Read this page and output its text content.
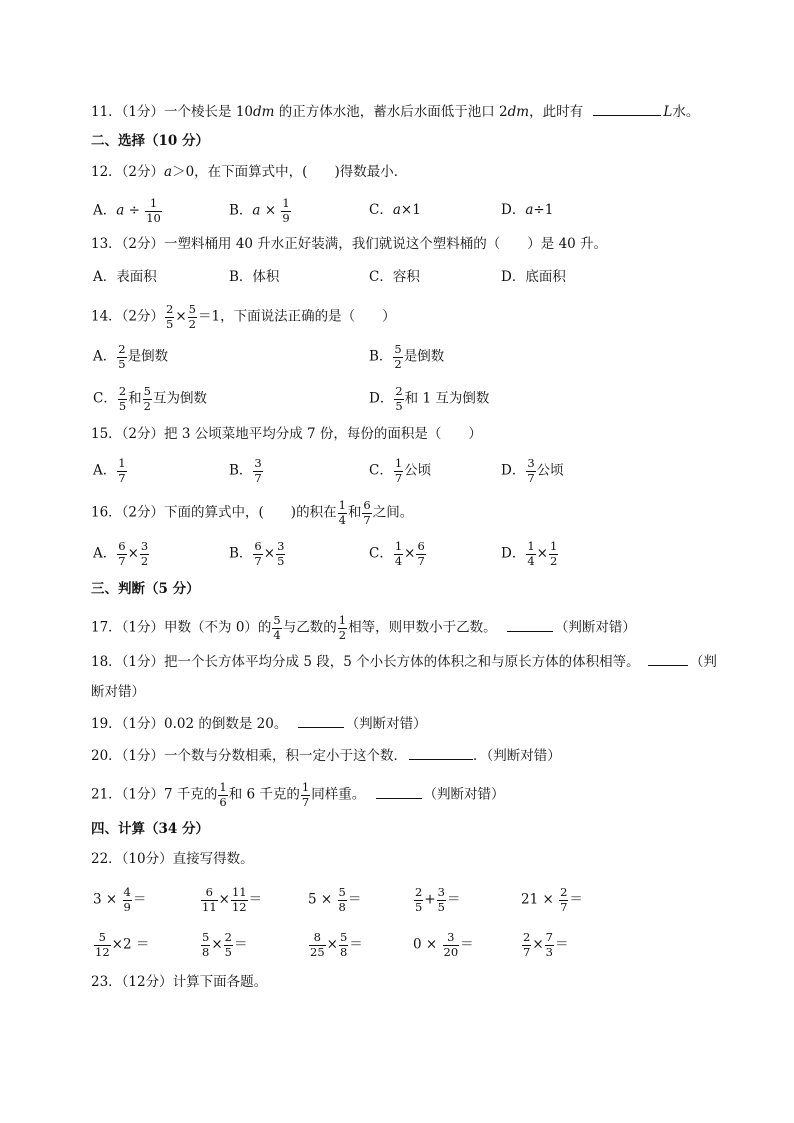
11．（1分）一个棱长是 10dm 的正方体水池，蓄水后水面低于池口 2dm，此时有	L水。
二、选择（10 分）
12．（2分）a＞0，在下面算式中，(　　)得数最小．
A．$a \div \frac{1}{10}$	B．$a \times \frac{1}{9}$	C．a×1	D．a÷1
13．（2分）一塑料桶用 40 升水正好装满，我们就说这个塑料桶的（　　）是 40 升。
A．表面积	B．体积	C．容积	D．底面积
14．（2分） $\frac{2}{5} \times \frac{5}{2} =1$，下面说法正确的是（　　）
A． $\frac{2}{5}$ 是倒数	B． $\frac{5}{2}$ 是倒数
C． $\frac{2}{5}$ 和 $\frac{5}{2}$ 互为倒数	D． $\frac{2}{5}$ 和 1 互为倒数
15．（2分）把 3 公顷菜地平均分成 7 份，每份的面积是（　　）
A． $\frac{1}{7}$	B． $\frac{3}{7}$	C． $\frac{1}{7}$ 公顷	D． $\frac{3}{7}$ 公顷
16．（2分）下面的算式中，(　　)的积在 $\frac{1}{4}$ 和 $\frac{6}{7}$ 之间。
A． $\frac{6}{7} \times \frac{3}{2}$	B． $\frac{6}{7} \times \frac{3}{5}$	C． $\frac{1}{4} \times \frac{6}{7}$	D． $\frac{1}{4} \times \frac{1}{2}$
三、判断（5 分）
17．（1分）甲数（不为 0）的 $\frac{5}{4}$ 与乙数的 $\frac{1}{2}$ 相等，则甲数小于乙数。	（判断对错）
18．（1分）把一个长方体平均分成 5 段，5 个小长方体的体积之和与原长方体的体积相等。	（判
断对错）
19．（1分）0.02 的倒数是 20。	（判断对错）
20．（1分）一个数与分数相乘，积一定小于这个数．	．（判断对错）
21．（1分）7 千克的 $\frac{1}{6}$ 和 6 千克的 $\frac{1}{7}$ 同样重。	（判断对错）
四、计算（34 分）
22．（10分）直接写得数。
$3 \times \frac{4}{9}$ ＝	$\frac{6}{11} \times \frac{11}{12}$ ＝	$5 \times \frac{5}{8}$ ＝	$\frac{2}{5} + \frac{3}{5}$ ＝	$21 \times \frac{2}{7}$ ＝
$\frac{5}{12} \times 2$ ＝	$\frac{5}{8} \times \frac{2}{5}$ ＝	$\frac{8}{25} \times \frac{5}{8}$ ＝	$0 \times \frac{3}{20}$ ＝	$\frac{2}{7} \times \frac{7}{3}$ ＝
23．（12分）计算下面各题。
